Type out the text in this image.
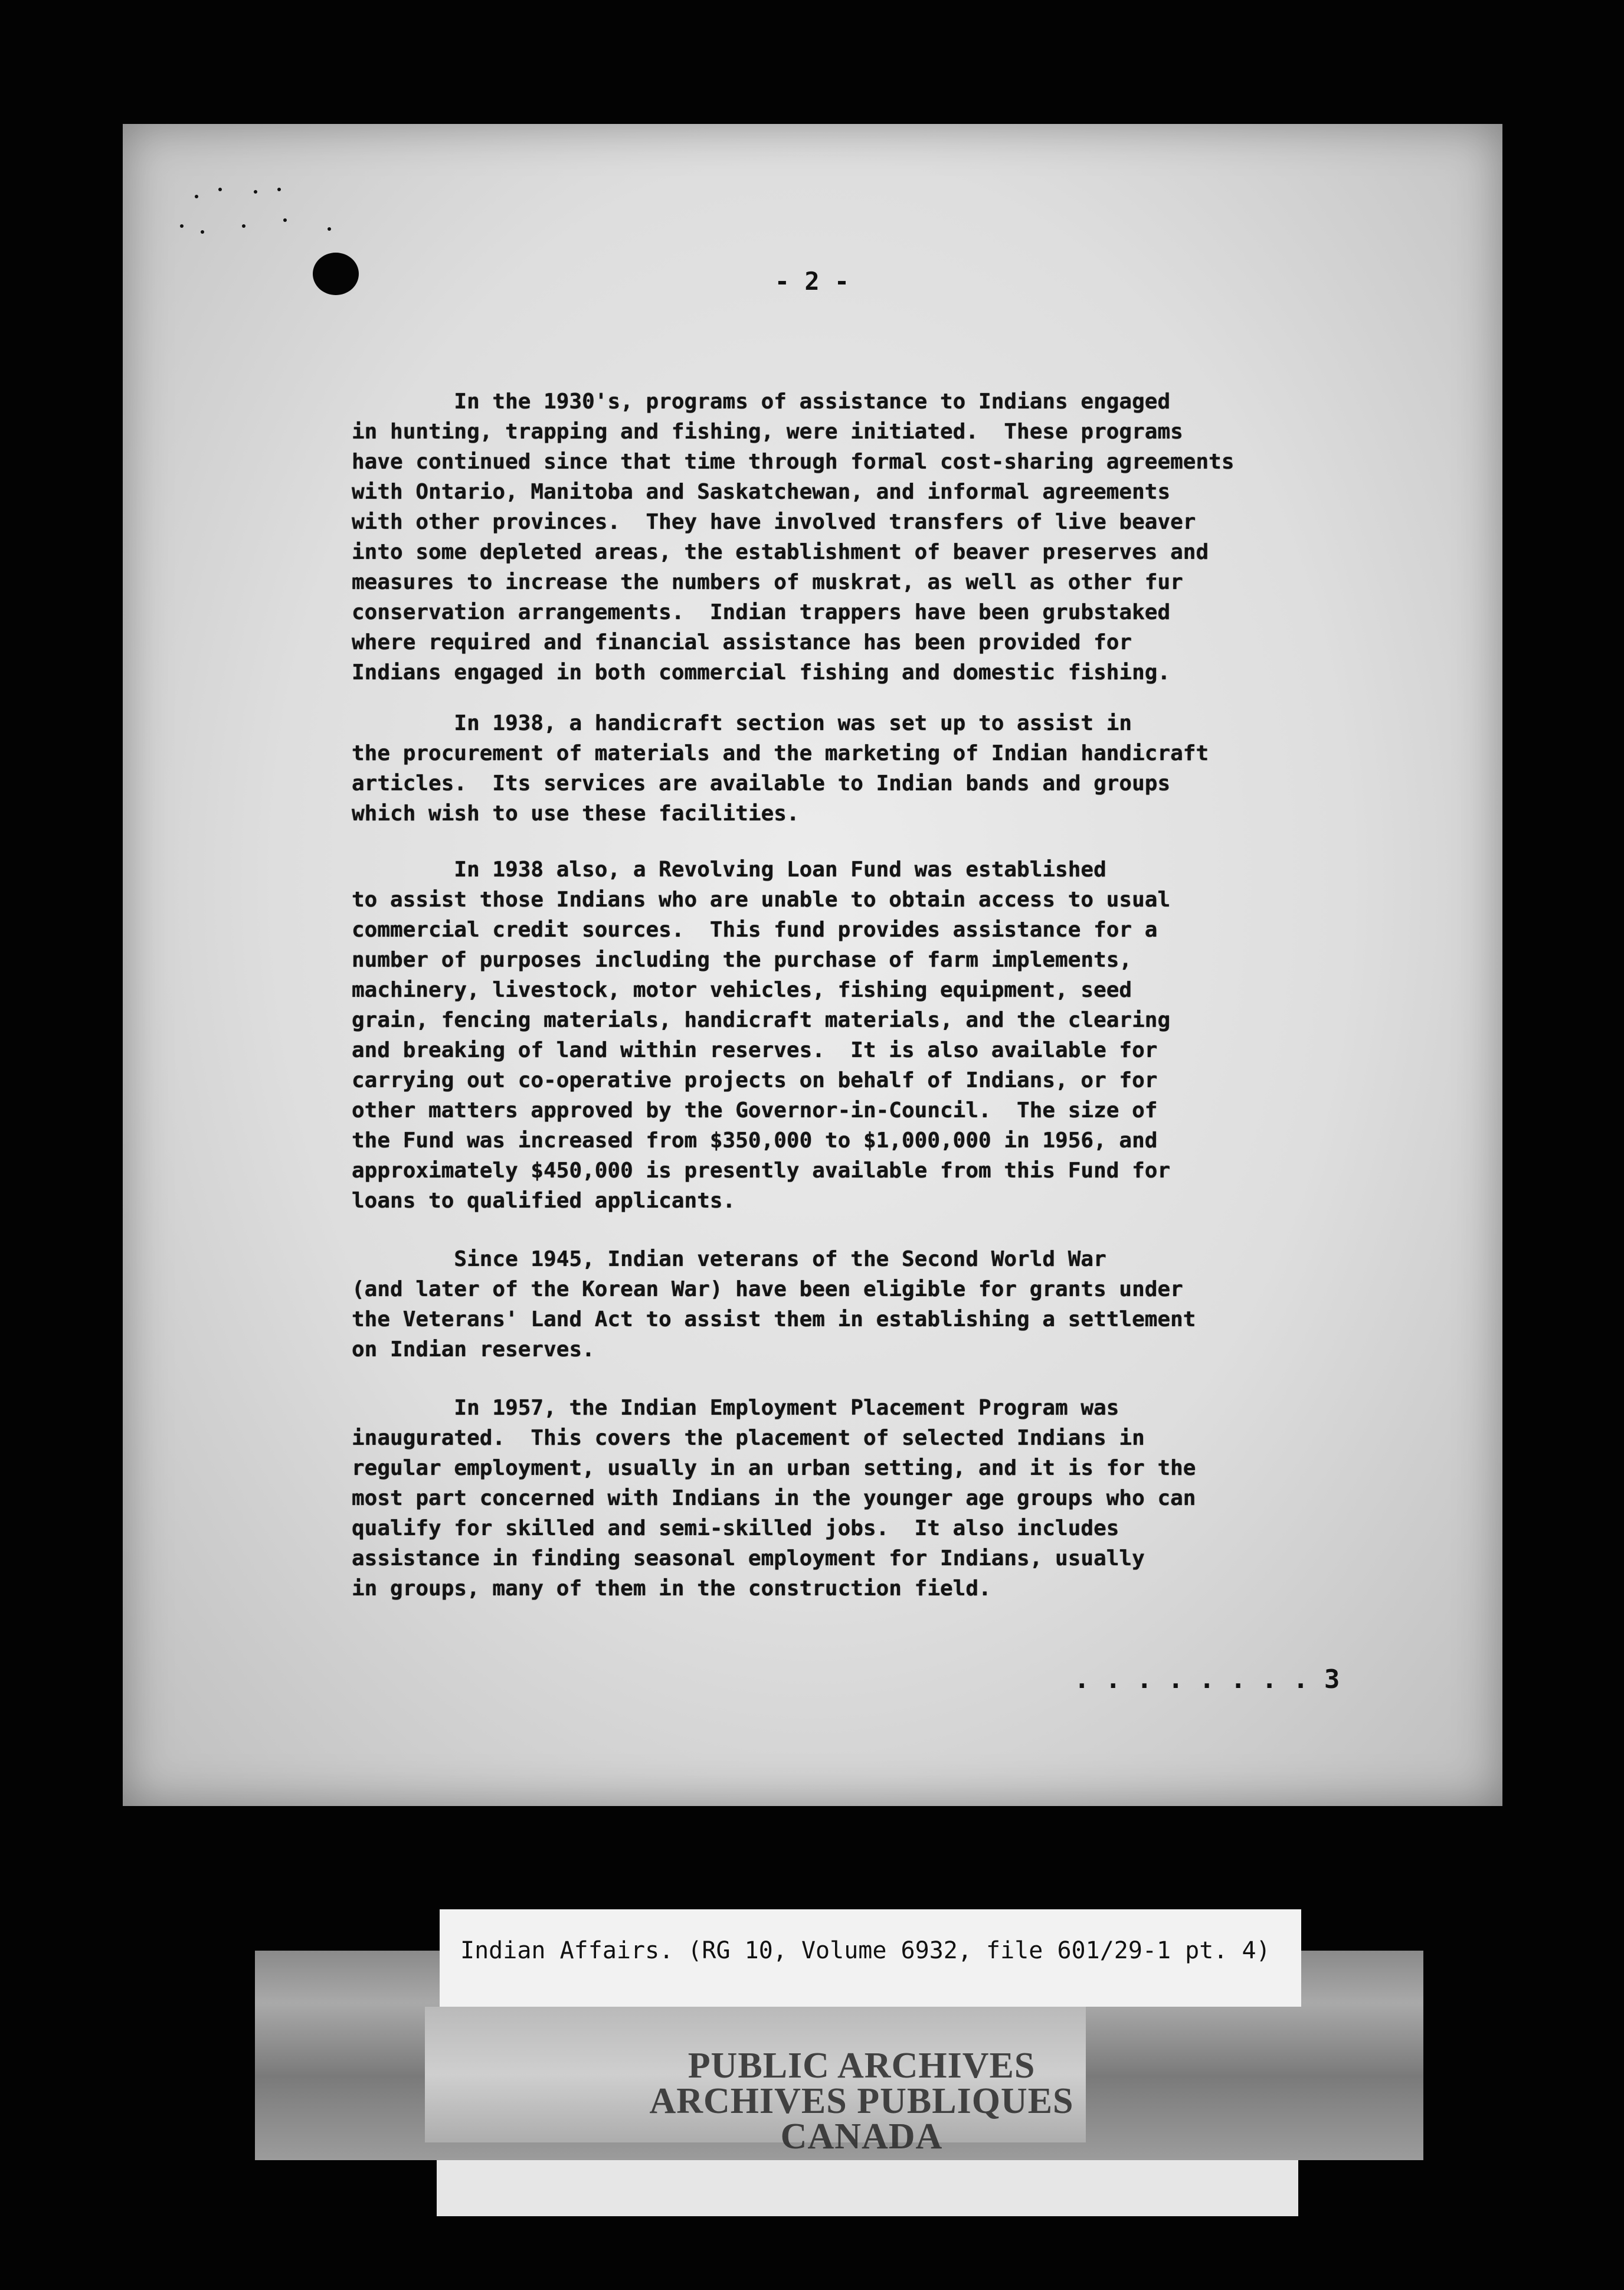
- 2 -
In the 1930's, programs of assistance to Indians engaged
in hunting, trapping and fishing, were initiated.  These programs
have continued since that time through formal cost-sharing agreements
with Ontario, Manitoba and Saskatchewan, and informal agreements
with other provinces.  They have involved transfers of live beaver
into some depleted areas, the establishment of beaver preserves and
measures to increase the numbers of muskrat, as well as other fur
conservation arrangements.  Indian trappers have been grubstaked
where required and financial assistance has been provided for
Indians engaged in both commercial fishing and domestic fishing.
In 1938, a handicraft section was set up to assist in
the procurement of materials and the marketing of Indian handicraft
articles.  Its services are available to Indian bands and groups
which wish to use these facilities.
In 1938 also, a Revolving Loan Fund was established
to assist those Indians who are unable to obtain access to usual
commercial credit sources.  This fund provides assistance for a
number of purposes including the purchase of farm implements,
machinery, livestock, motor vehicles, fishing equipment, seed
grain, fencing materials, handicraft materials, and the clearing
and breaking of land within reserves.  It is also available for
carrying out co-operative projects on behalf of Indians, or for
other matters approved by the Governor-in-Council.  The size of
the Fund was increased from $350,000 to $1,000,000 in 1956, and
approximately $450,000 is presently available from this Fund for
loans to qualified applicants.
Since 1945, Indian veterans of the Second World War
(and later of the Korean War) have been eligible for grants under
the Veterans' Land Act to assist them in establishing a settlement
on Indian reserves.
In 1957, the Indian Employment Placement Program was
inaugurated.  This covers the placement of selected Indians in
regular employment, usually in an urban setting, and it is for the
most part concerned with Indians in the younger age groups who can
qualify for skilled and semi-skilled jobs.  It also includes
assistance in finding seasonal employment for Indians, usually
in groups, many of them in the construction field.
. . . . . . . . 3
Indian Affairs. (RG 10, Volume 6932, file 601/29-1 pt. 4)
PUBLIC ARCHIVES
ARCHIVES PUBLIQUES
CANADA
